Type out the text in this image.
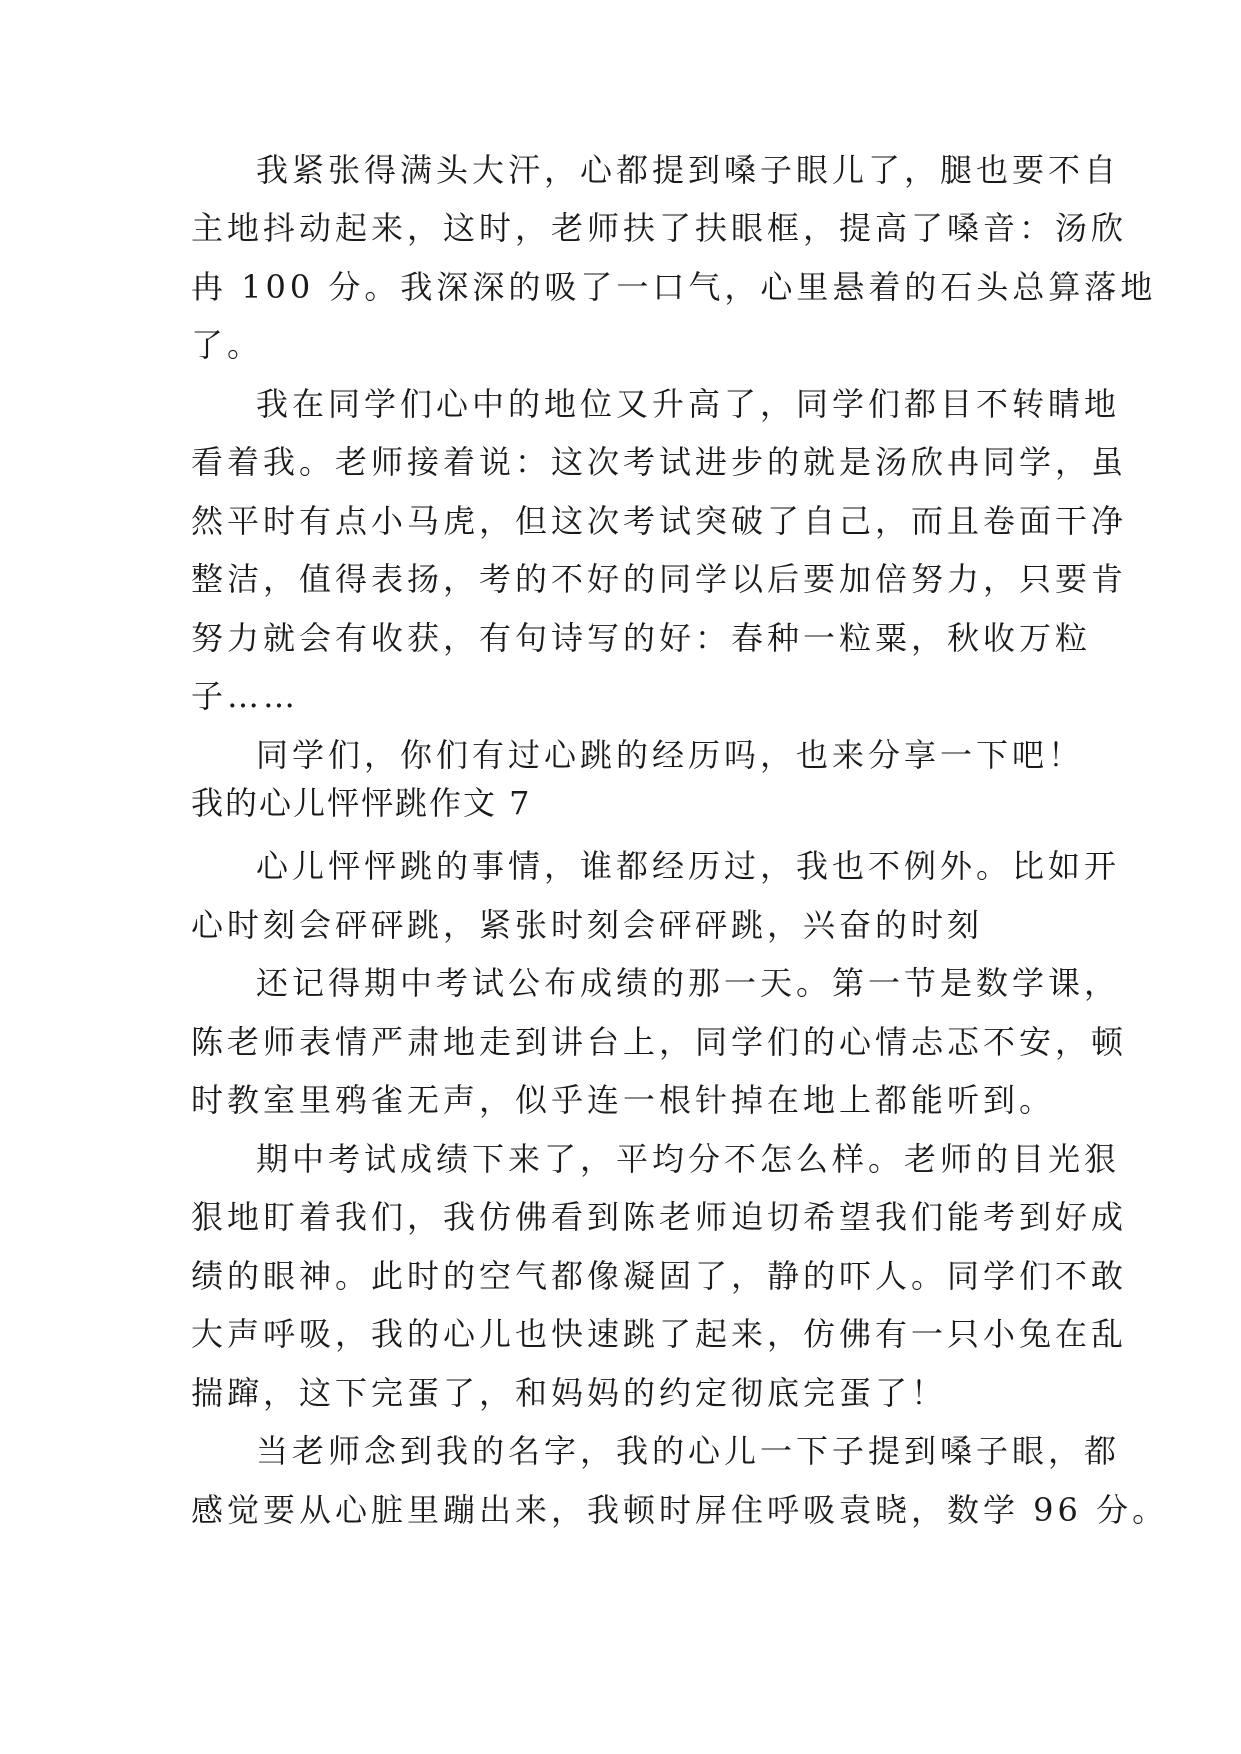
我紧张得满头大汗，心都提到嗓子眼儿了，腿也要不自
主地抖动起来，这时，老师扶了扶眼框，提高了嗓音：汤欣
冉 100 分。我深深的吸了一口气，心里悬着的石头总算落地
了。
我在同学们心中的地位又升高了，同学们都目不转睛地
看着我。老师接着说：这次考试进步的就是汤欣冉同学，虽
然平时有点小马虎，但这次考试突破了自己，而且卷面干净
整洁，值得表扬，考的不好的同学以后要加倍努力，只要肯
努力就会有收获，有句诗写的好：春种一粒粟，秋收万粒
子……
同学们，你们有过心跳的经历吗，也来分享一下吧！
我的心儿怦怦跳作文 7
心儿怦怦跳的事情，谁都经历过，我也不例外。比如开
心时刻会砰砰跳，紧张时刻会砰砰跳，兴奋的时刻
还记得期中考试公布成绩的那一天。第一节是数学课，
陈老师表情严肃地走到讲台上，同学们的心情忐忑不安，顿
时教室里鸦雀无声，似乎连一根针掉在地上都能听到。
期中考试成绩下来了，平均分不怎么样。老师的目光狠
狠地盯着我们，我仿佛看到陈老师迫切希望我们能考到好成
绩的眼神。此时的空气都像凝固了，静的吓人。同学们不敢
大声呼吸，我的心儿也快速跳了起来，仿佛有一只小兔在乱
揣蹿，这下完蛋了，和妈妈的约定彻底完蛋了！
当老师念到我的名字，我的心儿一下子提到嗓子眼，都
感觉要从心脏里蹦出来，我顿时屏住呼吸袁晓，数学 96 分。
